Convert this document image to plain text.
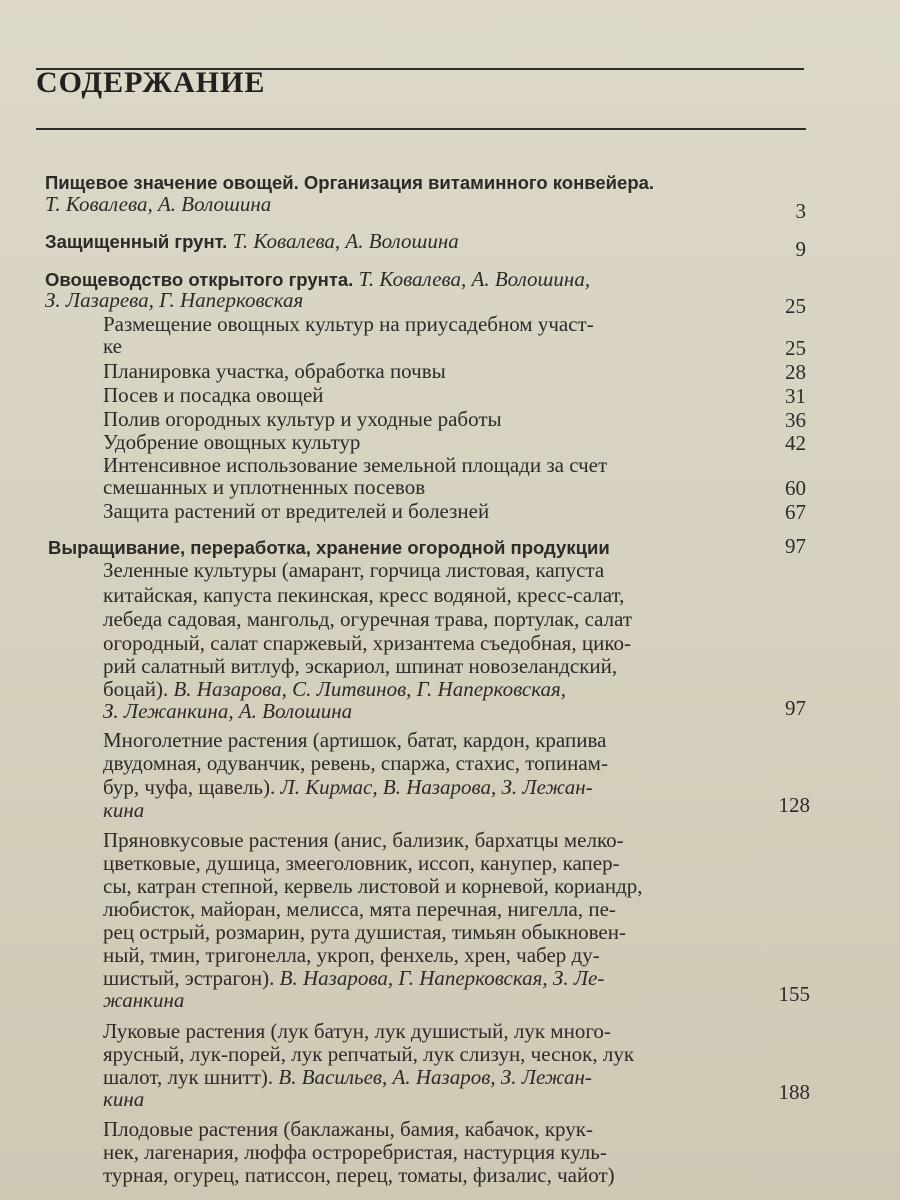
СОДЕРЖАНИЕ
Пищевое значение овощей. Организация витаминного конвейера.
Т. Ковалева, А. Волошина
Защищенный грунт. Т. Ковалева, А. Волошина
Овощеводство открытого грунта. Т. Ковалева, А. Волошина,
З. Лазарева, Г. Наперковская
Размещение овощных культур на приусадебном участ-
ке
Планировка участка, обработка почвы
Посев и посадка овощей
Полив огородных культур и уходные работы
Удобрение овощных культур
Интенсивное использование земельной площади за счет
смешанных и уплотненных посевов
Защита растений от вредителей и болезней
Выращивание, переработка, хранение огородной продукции
Зеленные культуры (амарант, горчица листовая, капуста
китайская, капуста пекинская, кресс водяной, кресс-салат,
лебеда садовая, мангольд, огуречная трава, портулак, салат
огородный, салат спаржевый, хризантема съедобная, цико-
рий салатный витлуф, эскариол, шпинат новозеландский,
боцай). В. Назарова, С. Литвинов, Г. Наперковская,
З. Лежанкина, А. Волошина
Многолетние растения (артишок, батат, кардон, крапива
двудомная, одуванчик, ревень, спаржа, стахис, топинам-
бур, чуфа, щавель). Л. Кирмас, В. Назарова, З. Лежан-
кина
Пряновкусовые растения (анис, бализик, бархатцы мелко-
цветковые, душица, змееголовник, иссоп, канупер, капер-
сы, катран степной, кервель листовой и корневой, кориандр,
любисток, майоран, мелисса, мята перечная, нигелла, пе-
рец острый, розмарин, рута душистая, тимьян обыкновен-
ный, тмин, тригонелла, укроп, фенхель, хрен, чабер ду-
шистый, эстрагон). В. Назарова, Г. Наперковская, З. Ле-
жанкина
Луковые растения (лук батун, лук душистый, лук много-
ярусный, лук-порей, лук репчатый, лук слизун, чеснок, лук
шалот, лук шнитт). В. Васильев, А. Назаров, З. Лежан-
кина
Плодовые растения (баклажаны, бамия, кабачок, крук-
нек, лагенария, люффа остроребристая, настурция куль-
турная, огурец, патиссон, перец, томаты, физалис, чайот)
3
9
25
25
28
31
36
42
60
67
97
97
128
155
188
